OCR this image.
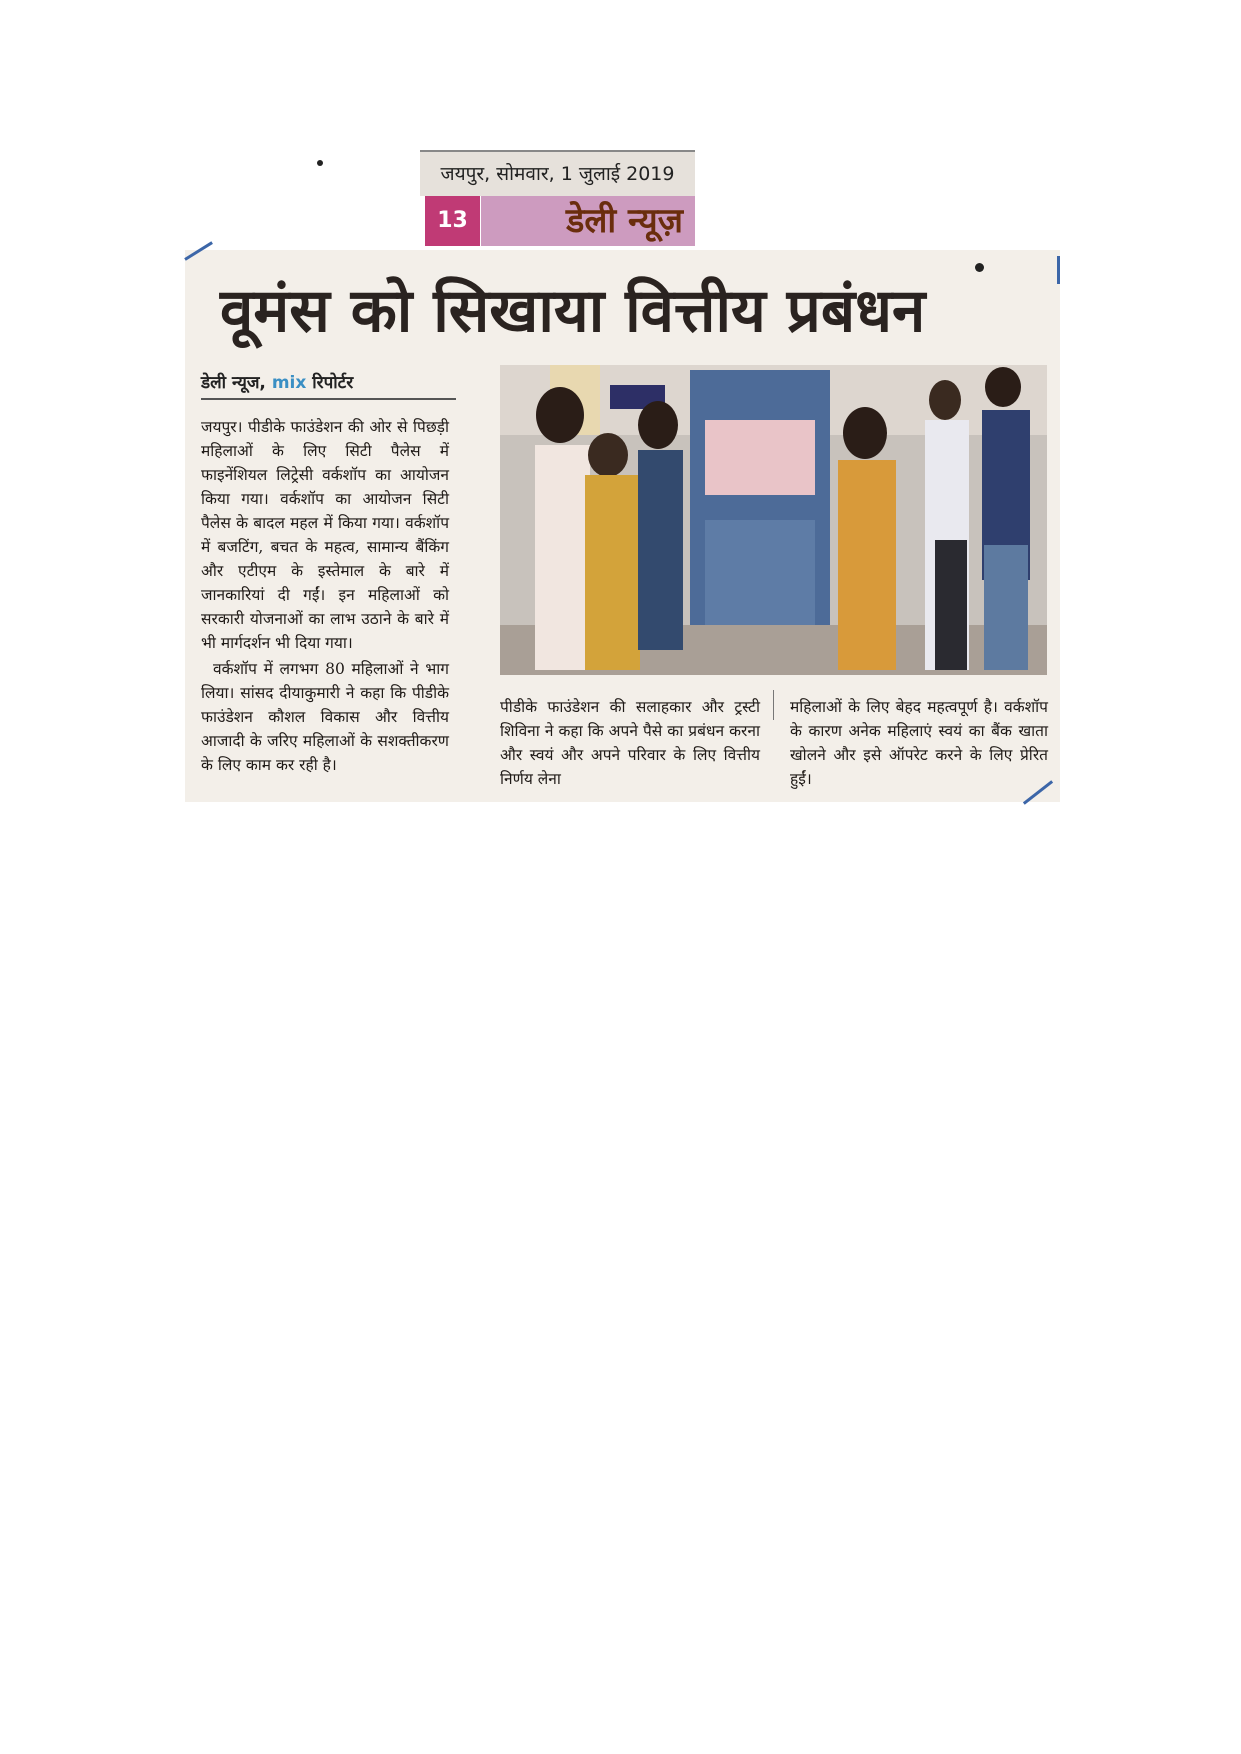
जयपुर, सोमवार, 1 जुलाई 2019
13	डेली न्यूज़
वूमंस को सिखाया वित्तीय प्रबंधन
डेली न्यूज, mix रिपोर्टर

जयपुर। पीडीके फाउंडेशन की ओर से पिछड़ी महिलाओं के लिए सिटी पैलेस में फाइनेंशियल लिट्रेसी वर्कशॉप का आयोजन किया गया। वर्कशॉप का आयोजन सिटी पैलेस के बादल महल में किया गया। वर्कशॉप में बजटिंग, बचत के महत्व, सामान्य बैंकिंग और एटीएम के इस्तेमाल के बारे में जानकारियां दी गईं। इन महिलाओं को सरकारी योजनाओं का लाभ उठाने के बारे में भी मार्गदर्शन भी दिया गया।

वर्कशॉप में लगभग 80 महिलाओं ने भाग लिया। सांसद दीयाकुमारी ने कहा कि पीडीके फाउंडेशन कौशल विकास और वित्तीय आजादी के जरिए महिलाओं के सशक्तीकरण के लिए काम कर रही है।

पीडीके फाउंडेशन की सलाहकार और ट्रस्टी शिविना ने कहा कि अपने पैसे का प्रबंधन करना और स्वयं और अपने परिवार के लिए वित्तीय निर्णय लेना
महिलाओं के लिए बेहद महत्वपूर्ण है। वर्कशॉप के कारण अनेक महिलाएं स्वयं का बैंक खाता खोलने और इसे ऑपरेट करने के लिए प्रेरित हुईं।
